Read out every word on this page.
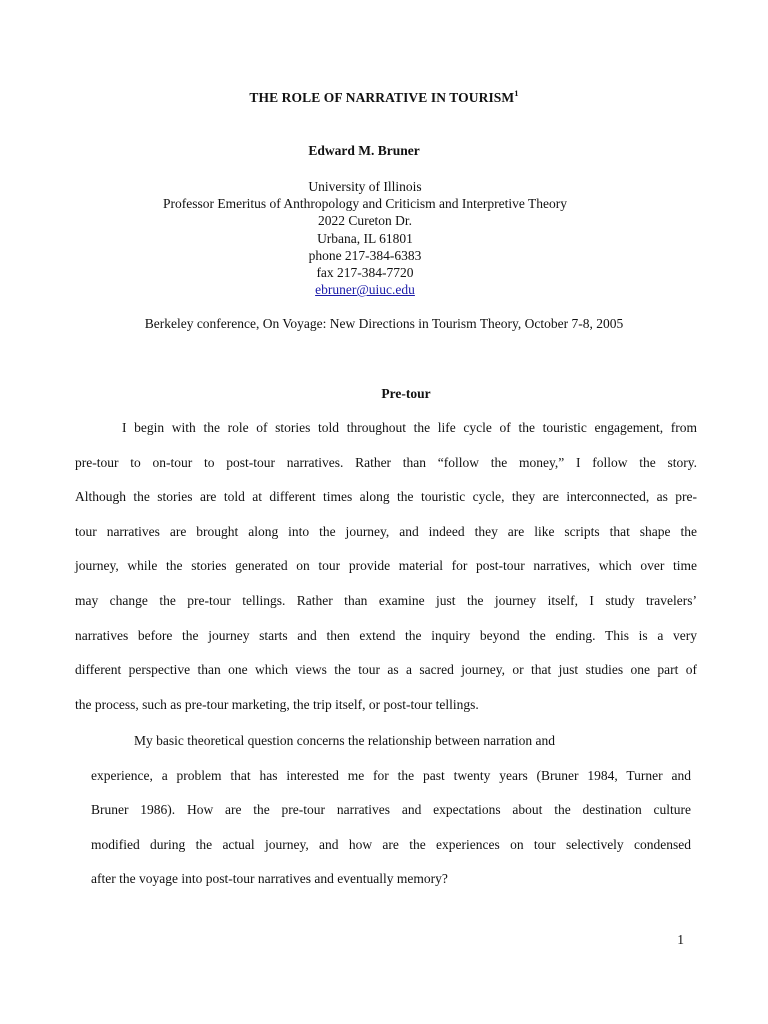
THE ROLE OF NARRATIVE IN TOURISM$^1$
Edward M. Bruner
University of Illinois
Professor Emeritus of Anthropology and Criticism and Interpretive Theory
2022 Cureton Dr.
Urbana, IL 61801
phone 217-384-6383
fax 217-384-7720
ebruner@uiuc.edu
Berkeley conference, On Voyage: New Directions in Tourism Theory, October 7-8, 2005
Pre-tour
I begin with the role of stories told throughout the life cycle of the touristic engagement, from
pre-tour to on-tour to post-tour narratives. Rather than “follow the money,” I follow the story.
Although the stories are told at different times along the touristic cycle, they are interconnected, as pre-
tour narratives are brought along into the journey, and indeed they are like scripts that shape the
journey, while the stories generated on tour provide material for post-tour narratives, which over time
may change the pre-tour tellings. Rather than examine just the journey itself, I study travelers’
narratives before the journey starts and then extend the inquiry beyond the ending. This is a very
different perspective than one which views the tour as a sacred journey, or that just studies one part of
the process, such as pre-tour marketing, the trip itself, or post-tour tellings.
My basic theoretical question concerns the relationship between narration and
experience, a problem that has interested me for the past twenty years (Bruner 1984, Turner and
Bruner 1986). How are the pre-tour narratives and expectations about the destination culture
modified during the actual journey, and how are the experiences on tour selectively condensed
after the voyage into post-tour narratives and eventually memory?
1
